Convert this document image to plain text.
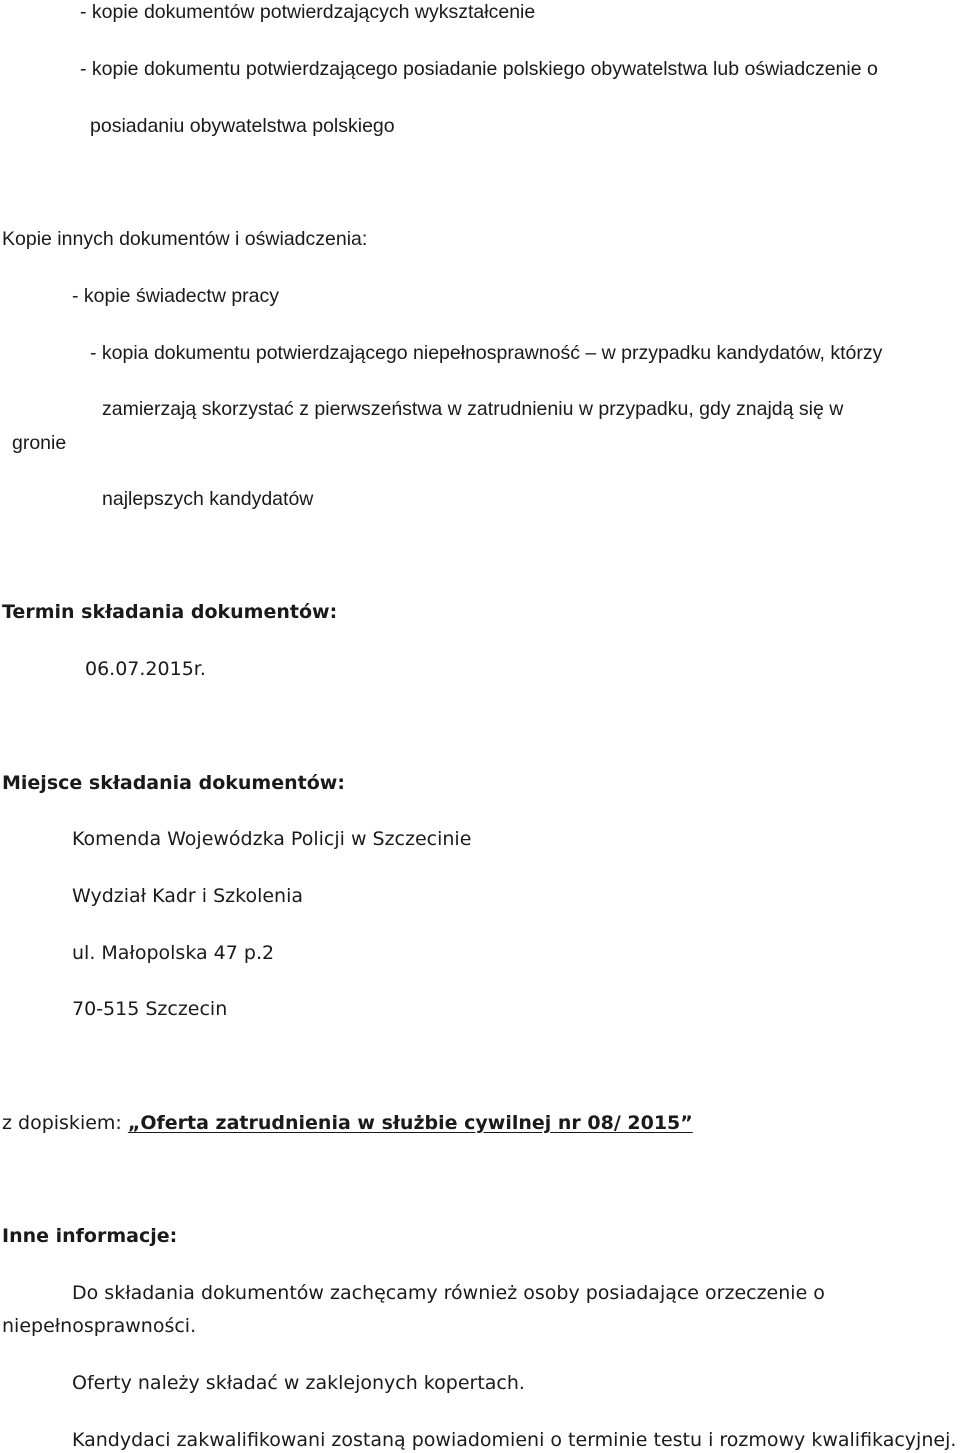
- kopie dokumentów potwierdzających wykształcenie
- kopie dokumentu potwierdzającego posiadanie polskiego obywatelstwa lub oświadczenie o
posiadaniu obywatelstwa polskiego
Kopie innych dokumentów i oświadczenia:
- kopie świadectw pracy
- kopia dokumentu potwierdzającego niepełnosprawność – w przypadku kandydatów, którzy
zamierzają skorzystać z pierwszeństwa w zatrudnieniu w przypadku, gdy znajdą się w
gronie
najlepszych kandydatów
Termin składania dokumentów:
06.07.2015r.
Miejsce składania dokumentów:
Komenda Wojewódzka Policji w Szczecinie
Wydział Kadr i Szkolenia
ul. Małopolska 47 p.2
70-515 Szczecin
z dopiskiem: „Oferta zatrudnienia w służbie cywilnej nr 08/ 2015”
Inne informacje:
Do składania dokumentów zachęcamy również osoby posiadające orzeczenie o
niepełnosprawności.
Oferty należy składać w zaklejonych kopertach.
Kandydaci zakwalifikowani zostaną powiadomieni o terminie testu i rozmowy kwalifikacyjnej.
